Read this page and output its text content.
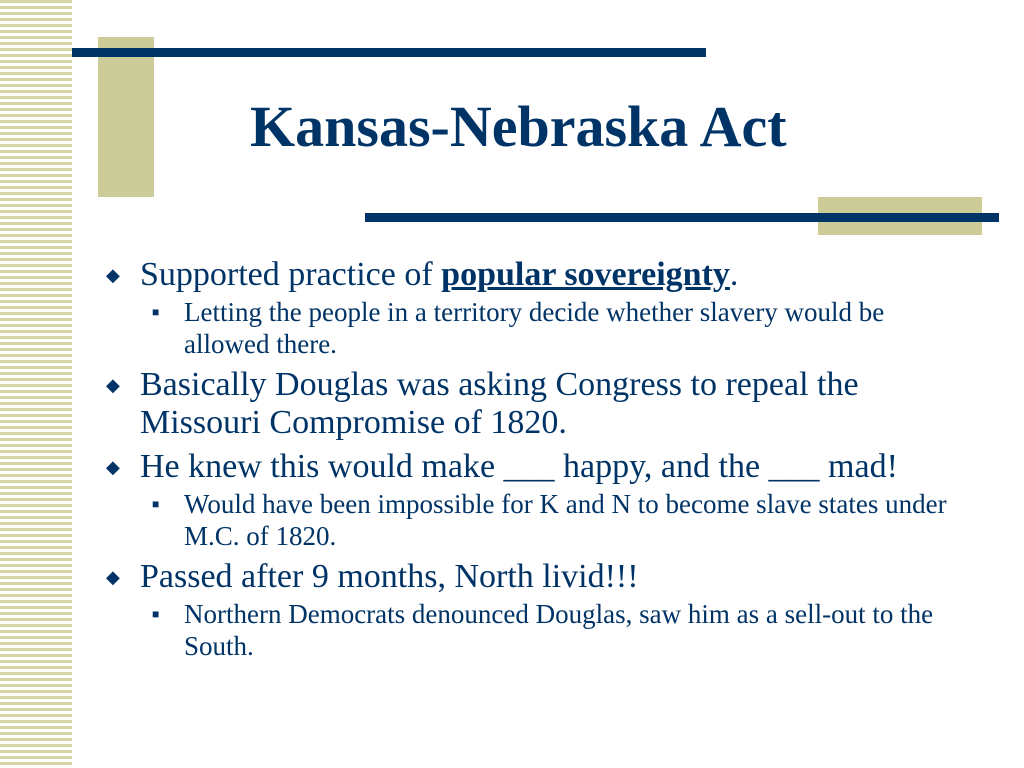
Kansas-Nebraska Act
◆ Supported practice of popular sovereignty.
■ Letting the people in a territory decide whether slavery would be allowed there.
◆ Basically Douglas was asking Congress to repeal the Missouri Compromise of 1820.
◆ He knew this would make ___ happy, and the ___ mad!
■ Would have been impossible for K and N to become slave states under M.C. of 1820.
◆ Passed after 9 months, North livid!!!
■ Northern Democrats denounced Douglas, saw him as a sell-out to the South.
